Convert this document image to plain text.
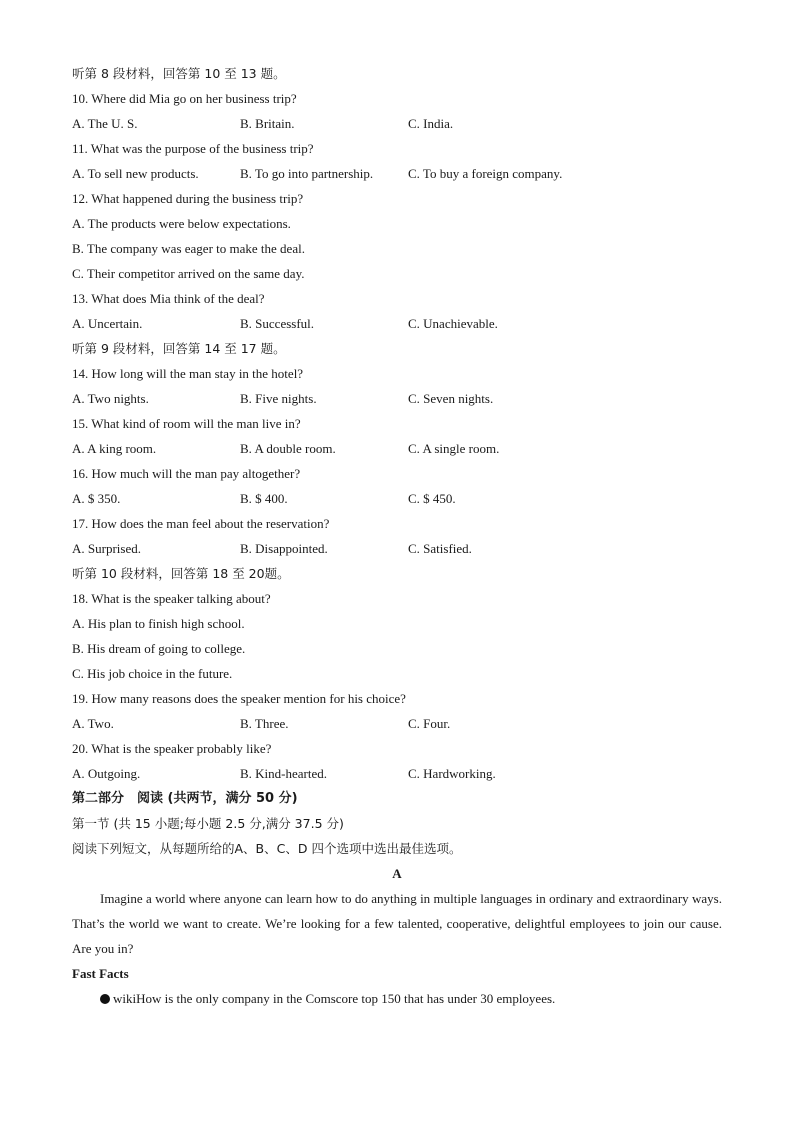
听第 8 段材料，回答第 10 至 13 题。
10. Where did Mia go on her business trip?
A. The U. S.	B. Britain.	C. India.
11. What was the purpose of the business trip?
A. To sell new products.	B. To go into partnership.	C. To buy a foreign company.
12. What happened during the business trip?
A. The products were below expectations.
B. The company was eager to make the deal.
C. Their competitor arrived on the same day.
13. What does Mia think of the deal?
A. Uncertain.	B. Successful.	C. Unachievable.
听第 9 段材料，回答第 14 至 17 题。
14. How long will the man stay in the hotel?
A. Two nights.	B. Five nights.	C. Seven nights.
15. What kind of room will the man live in?
A. A king room.	B. A double room.	C. A single room.
16. How much will the man pay altogether?
A. $ 350.	B. $ 400.	C. $ 450.
17. How does the man feel about the reservation?
A. Surprised.	B. Disappointed.	C. Satisfied.
听第 10 段材料，回答第 18 至 20题。
18. What is the speaker talking about?
A. His plan to finish high school.
B. His dream of going to college.
C. His job choice in the future.
19. How many reasons does the speaker mention for his choice?
A. Two.	B. Three.	C. Four.
20. What is the speaker probably like?
A. Outgoing.	B. Kind-hearted.	C. Hardworking.
第二部分　阅读 (共两节，满分 50 分)
第一节 (共 15 小题;每小题 2.5 分,满分 37.5 分)
阅读下列短文，从每题所给的A、B、C、D 四个选项中选出最佳选项。
A
Imagine a world where anyone can learn how to do anything in multiple languages in ordinary and extraordinary ways. That’s the world we want to create. We’re looking for a few talented, cooperative, delightful employees to join our cause. Are you in?
Fast Facts
wikiHow is the only company in the Comscore top 150 that has under 30 employees.
